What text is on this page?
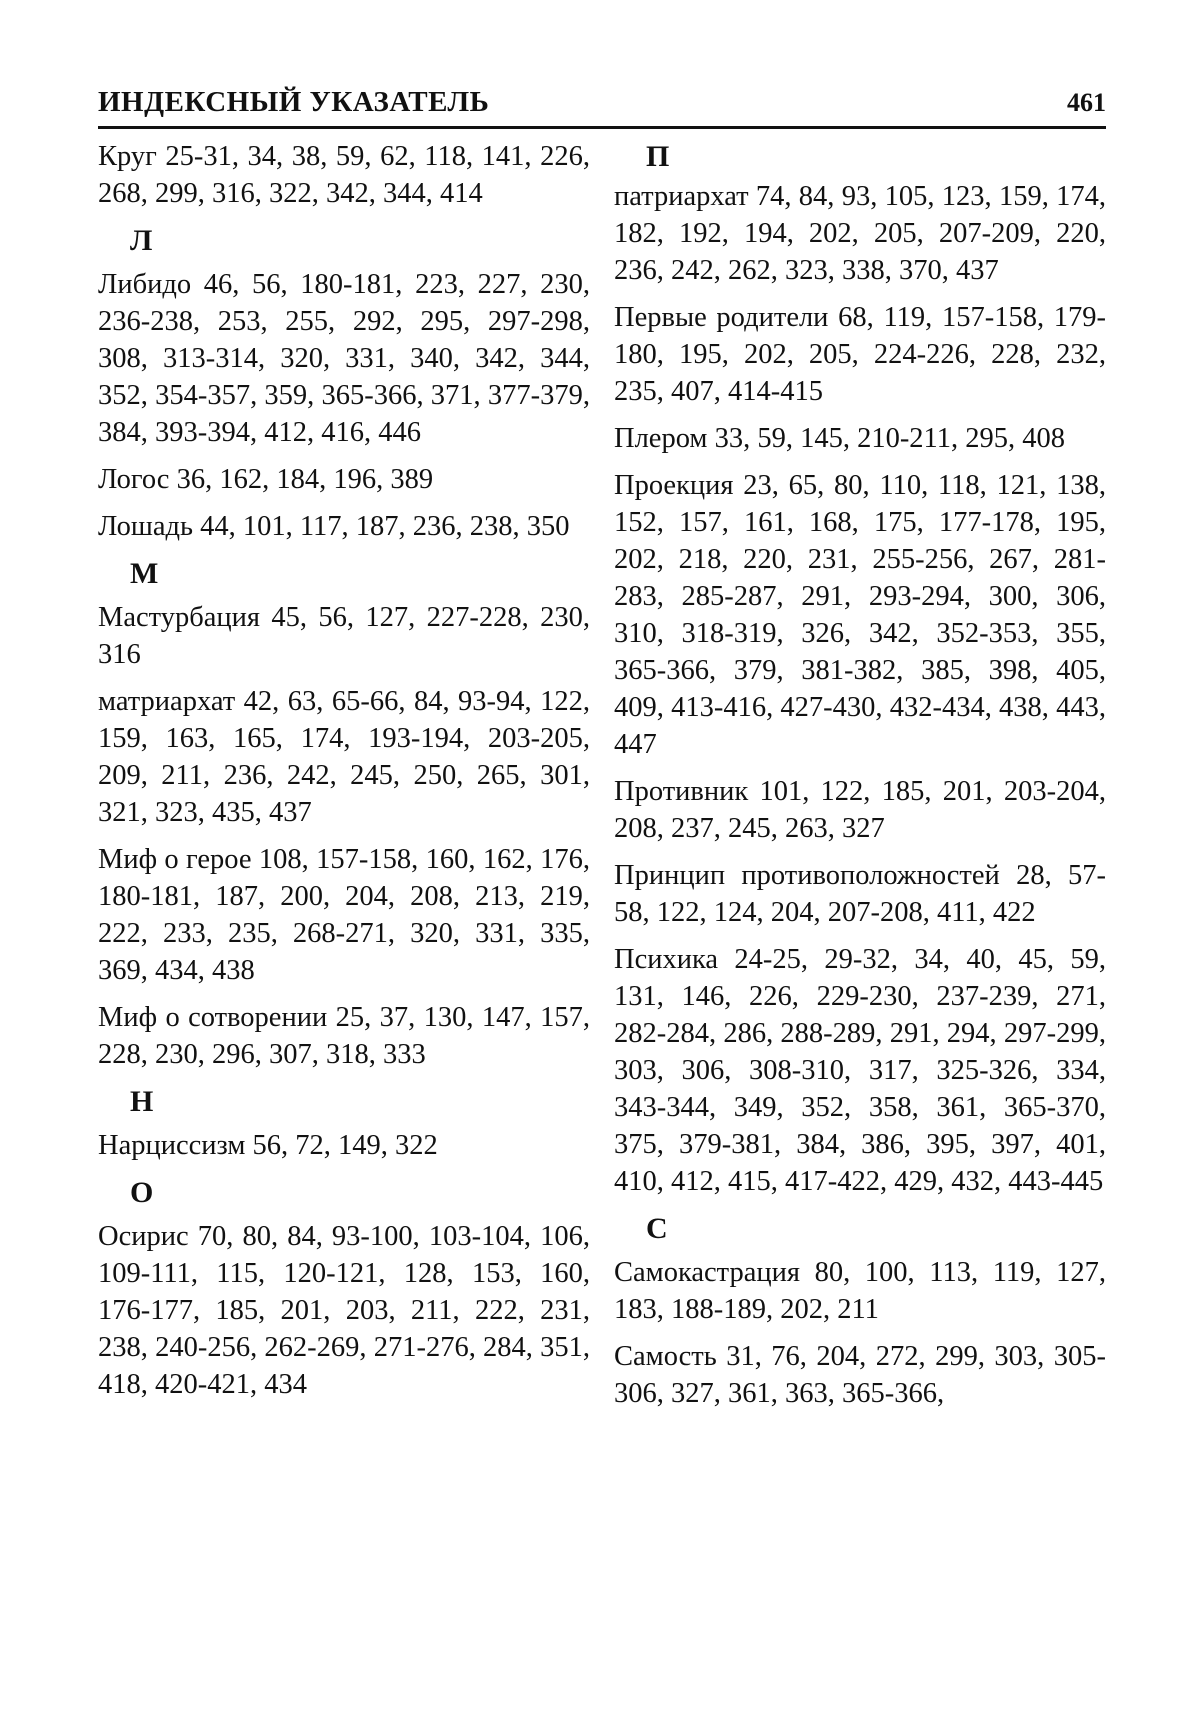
ИНДЕКСНЫЙ УКАЗАТЕЛЬ	461

Круг 25-31, 34, 38, 59, 62, 118, 141, 226, 268, 299, 316, 322, 342, 344, 414

Л

Либидо 46, 56, 180-181, 223, 227, 230, 236-238, 253, 255, 292, 295, 297-298, 308, 313-314, 320, 331, 340, 342, 344, 352, 354-357, 359, 365-366, 371, 377-379, 384, 393-394, 412, 416, 446

Логос 36, 162, 184, 196, 389

Лошадь 44, 101, 117, 187, 236, 238, 350

М

Мастурбация 45, 56, 127, 227-228, 230, 316

матриархат 42, 63, 65-66, 84, 93-94, 122, 159, 163, 165, 174, 193-194, 203-205, 209, 211, 236, 242, 245, 250, 265, 301, 321, 323, 435, 437

Миф о герое 108, 157-158, 160, 162, 176, 180-181, 187, 200, 204, 208, 213, 219, 222, 233, 235, 268-271, 320, 331, 335, 369, 434, 438

Миф о сотворении 25, 37, 130, 147, 157, 228, 230, 296, 307, 318, 333

Н

Нарциссизм 56, 72, 149, 322

О

Осирис 70, 80, 84, 93-100, 103-104, 106, 109-111, 115, 120-121, 128, 153, 160, 176-177, 185, 201, 203, 211, 222, 231, 238, 240-256, 262-269, 271-276, 284, 351, 418, 420-421, 434

П

патриархат 74, 84, 93, 105, 123, 159, 174, 182, 192, 194, 202, 205, 207-209, 220, 236, 242, 262, 323, 338, 370, 437

Первые родители 68, 119, 157-158, 179-180, 195, 202, 205, 224-226, 228, 232, 235, 407, 414-415

Плером 33, 59, 145, 210-211, 295, 408

Проекция 23, 65, 80, 110, 118, 121, 138, 152, 157, 161, 168, 175, 177-178, 195, 202, 218, 220, 231, 255-256, 267, 281-283, 285-287, 291, 293-294, 300, 306, 310, 318-319, 326, 342, 352-353, 355, 365-366, 379, 381-382, 385, 398, 405, 409, 413-416, 427-430, 432-434, 438, 443, 447

Противник 101, 122, 185, 201, 203-204, 208, 237, 245, 263, 327

Принцип противоположностей 28, 57-58, 122, 124, 204, 207-208, 411, 422

Психика 24-25, 29-32, 34, 40, 45, 59, 131, 146, 226, 229-230, 237-239, 271, 282-284, 286, 288-289, 291, 294, 297-299, 303, 306, 308-310, 317, 325-326, 334, 343-344, 349, 352, 358, 361, 365-370, 375, 379-381, 384, 386, 395, 397, 401, 410, 412, 415, 417-422, 429, 432, 443-445

С

Самокастрация 80, 100, 113, 119, 127, 183, 188-189, 202, 211

Самость 31, 76, 204, 272, 299, 303, 305-306, 327, 361, 363, 365-366,
